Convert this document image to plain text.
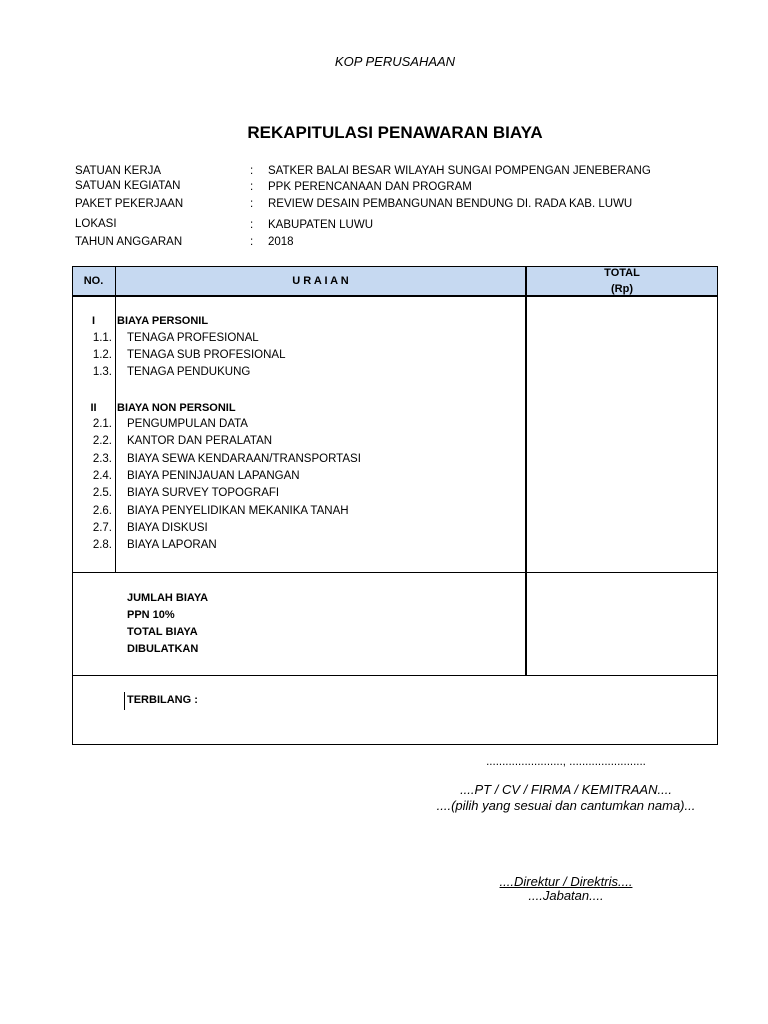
KOP PERUSAHAAN
REKAPITULASI PENAWARAN BIAYA
SATUAN KERJA	: SATKER BALAI BESAR WILAYAH SUNGAI POMPENGAN JENEBERANG
SATUAN KEGIATAN	: PPK PERENCANAAN DAN PROGRAM
PAKET PEKERJAAN	: REVIEW DESAIN PEMBANGUNAN BENDUNG DI. RADA KAB. LUWU
LOKASI	: KABUPATEN LUWU
TAHUN ANGGARAN	: 2018
NO.	U R A I A N
TOTAL
(Rp)
I	BIAYA PERSONIL
1.1. TENAGA PROFESIONAL
1.2. TENAGA SUB PROFESIONAL
1.3. TENAGA PENDUKUNG
II	BIAYA NON PERSONIL
2.1. PENGUMPULAN DATA
2.2. KANTOR DAN PERALATAN
2.3. BIAYA SEWA KENDARAAN/TRANSPORTASI
2.4. BIAYA PENINJAUAN LAPANGAN
2.5. BIAYA SURVEY TOPOGRAFI
2.6. BIAYA PENYELIDIKAN MEKANIKA TANAH
2.7. BIAYA DISKUSI
2.8. BIAYA LAPORAN
JUMLAH BIAYA
PPN 10%
TOTAL BIAYA
DIBULATKAN
TERBILANG :
........................, ........................
....PT / CV / FIRMA / KEMITRAAN....
....(pilih yang sesuai dan cantumkan nama)...
....Direktur / Direktris....
....Jabatan....
